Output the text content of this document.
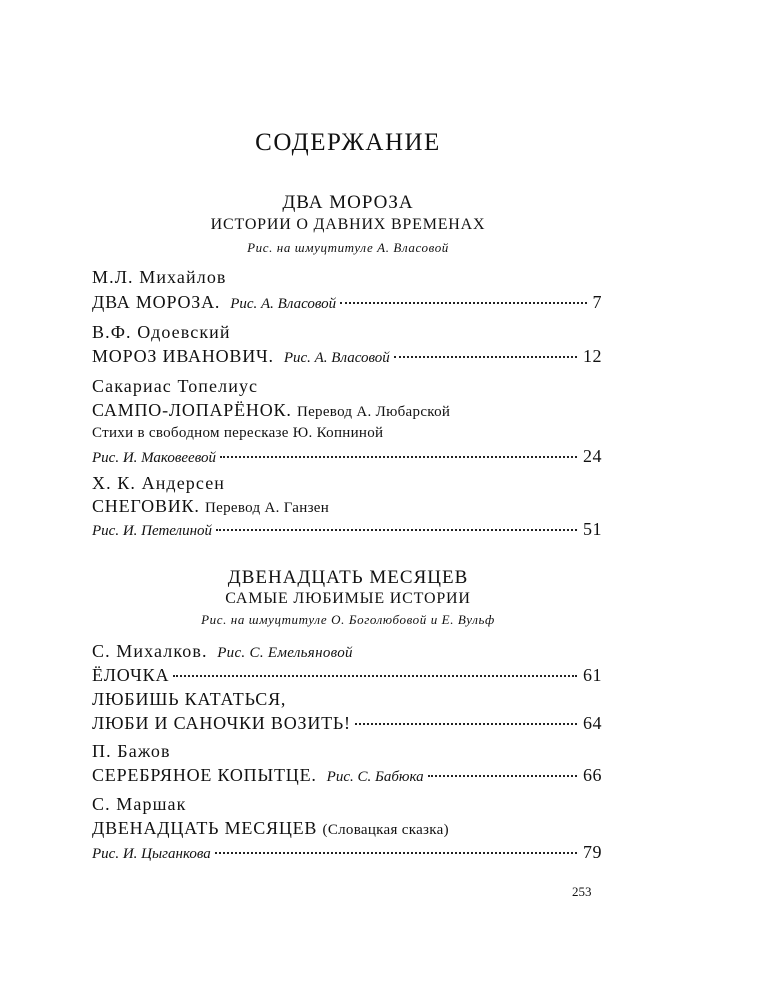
СОДЕРЖАНИЕ
ДВА МОРОЗА
ИСТОРИИ О ДАВНИХ ВРЕМЕНАХ
Рис. на шмуцтитуле А. Власовой
М.Л. Михайлов
ДВА МОРОЗА. Рис. А. Власовой	7
В.Ф. Одоевский
МОРОЗ ИВАНОВИЧ. Рис. А. Власовой	12
Сакариас Топелиус
САМПО-ЛОПАРЁНОК. Перевод А. Любарской
Стихи в свободном пересказе Ю. Копниной
Рис. И. Маковеевой	24
Х. К. Андерсен
СНЕГОВИК. Перевод А. Ганзен
Рис. И. Петелиной	51
ДВЕНАДЦАТЬ МЕСЯЦЕВ
САМЫЕ ЛЮБИМЫЕ ИСТОРИИ
Рис. на шмуцтитуле О. Боголюбовой и Е. Вульф
С. Михалков. Рис. С. Емельяновой
ЁЛОЧКА	61
ЛЮБИШЬ КАТАТЬСЯ,
ЛЮБИ И САНОЧКИ ВОЗИТЬ!	64
П. Бажов
СЕРЕБРЯНОЕ КОПЫТЦЕ. Рис. С. Бабюка	66
С. Маршак
ДВЕНАДЦАТЬ МЕСЯЦЕВ (Словацкая сказка)
Рис. И. Цыганкова	79
253
